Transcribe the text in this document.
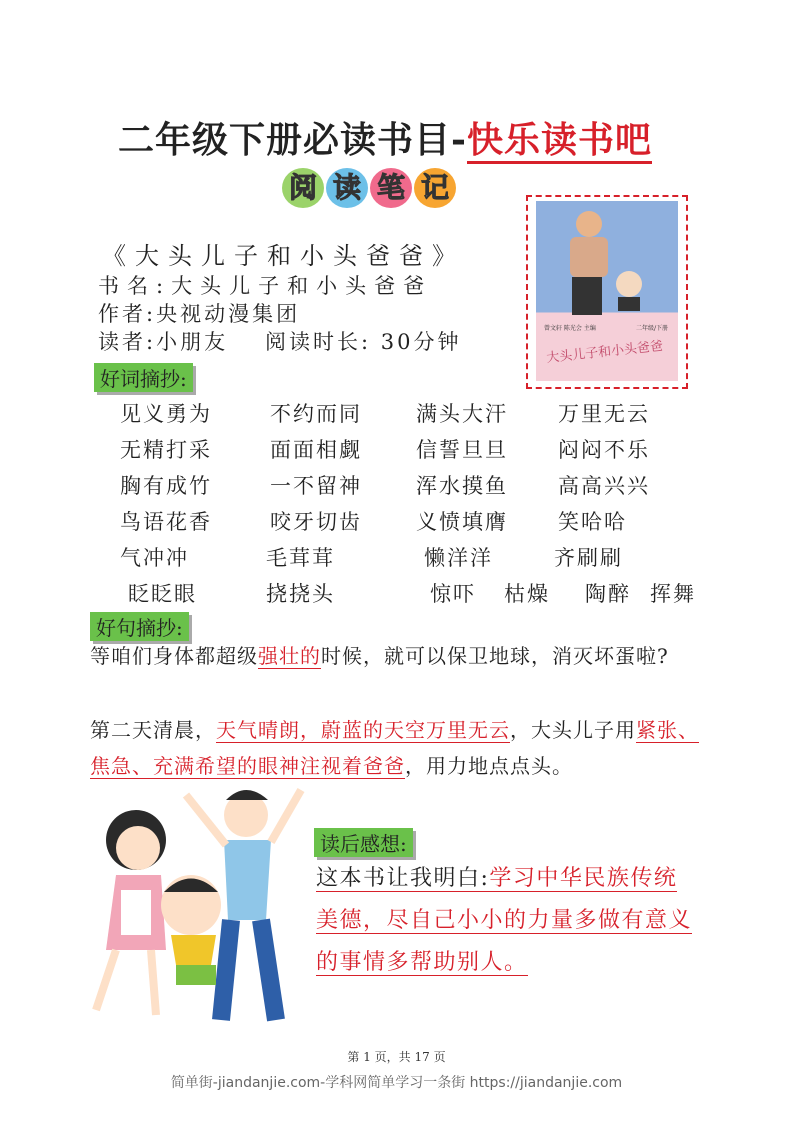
二年级下册必读书目-快乐读书吧
阅 读 笔 记
曾文轩 陈光会 主编	二年级/下册
大头儿子和小头爸爸
《大头儿子和小头爸爸》
书名:大头儿子和小头爸爸
作者:央视动漫集团
读者:小朋友 阅读时长: 30分钟
好词摘抄:
见义勇为	不约而同	满头大汗 万里无云
无精打采	面面相觑	信誓旦旦 闷闷不乐
胸有成竹	一不留神	浑水摸鱼 高高兴兴
鸟语花香	咬牙切齿	义愤填膺 笑哈哈
气冲冲	毛茸茸	懒洋洋	齐刷刷
眨眨眼	挠挠头	惊吓 枯燥 陶醉 挥舞
好句摘抄:
等咱们身体都超级强壮的时候，就可以保卫地球，消灭坏蛋啦?
第二天清晨，天气晴朗，蔚蓝的天空万里无云，大头儿子用紧张、焦急、充满希望的眼神注视着爸爸，用力地点点头。
读后感想:
这本书让我明白:学习中华民族传统美德，尽自己小小的力量多做有意义的事情多帮助别人。
第 1 页，共 17 页
简单街-jiandanjie.com-学科网简单学习一条街 https://jiandanjie.com
